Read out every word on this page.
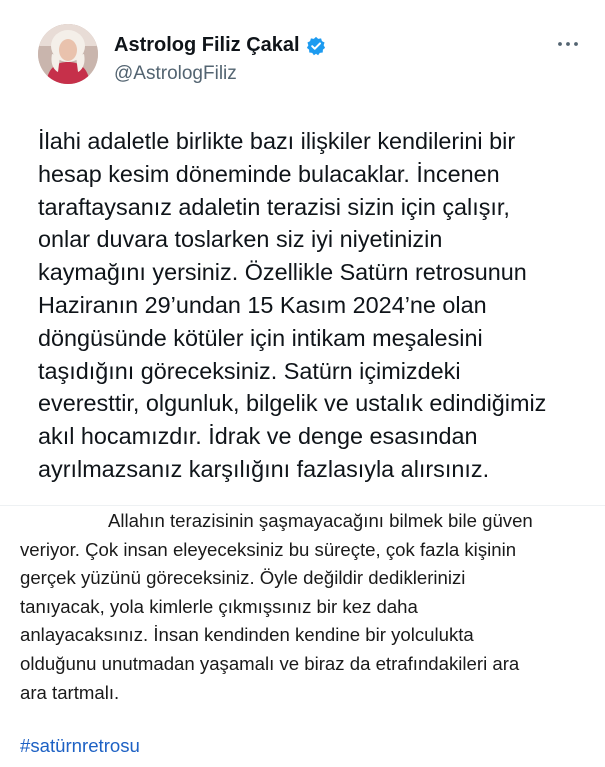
Astrolog Filiz Çakal
@AstrologFiliz

İlahi adaletle birlikte bazı ilişkiler kendilerini bir
hesap kesim döneminde bulacaklar. İncenen
taraftaysanız adaletin terazisi sizin için çalışır,
onlar duvara toslarken siz iyi niyetinizin
kaymağını yersiniz. Özellikle Satürn retrosunun
Haziranın 29’undan 15 Kasım 2024’ne olan
döngüsünde kötüler için intikam meşalesini
taşıdığını göreceksiniz. Satürn içimizdeki
everesttir, olgunluk, bilgelik ve ustalık edindiğimiz
akıl hocamızdır. İdrak ve denge esasından
ayrılmazsanız karşılığını fazlasıyla alırsınız.

Allahın terazisinin şaşmayacağını bilmek bile güven
veriyor. Çok insan eleyeceksiniz bu süreçte, çok fazla kişinin
gerçek yüzünü göreceksiniz. Öyle değildir dediklerinizi
tanıyacak, yola kimlerle çıkmışsınız bir kez daha
anlayacaksınız. İnsan kendinden kendine bir yolculukta
olduğunu unutmadan yaşamalı ve biraz da etrafındakileri ara
ara tartmalı.

#satürnretrosu
